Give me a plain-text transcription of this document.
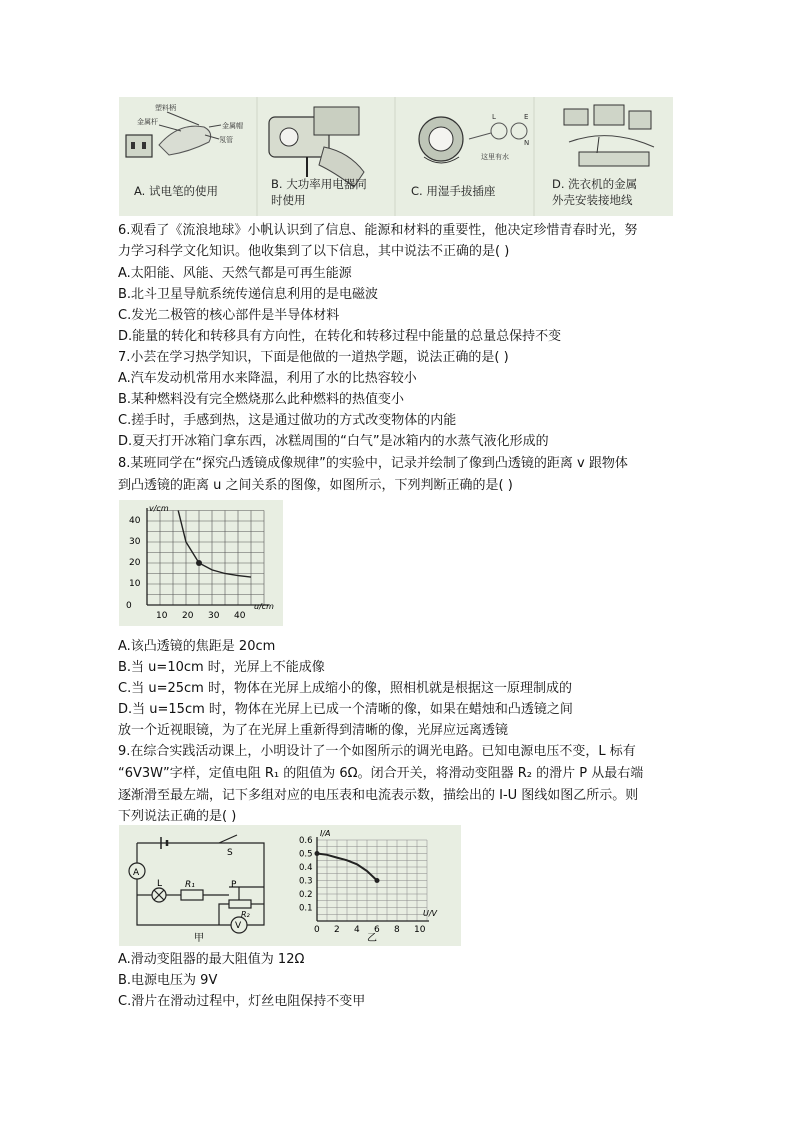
塑料柄
金属杆	金属帽
氖管
L	E
N
这里有水
A. 试电笔的使用	B. 大功率用电器同
时使用
C. 用湿手拔插座	D. 洗衣机的金属
外壳安装接地线
6.观看了《流浪地球》小帆认识到了信息、能源和材料的重要性，他决定珍惜青春时光，努
力学习科学文化知识。他收集到了以下信息，其中说法不正确的是( )
A.太阳能、风能、天然气都是可再生能源
B.北斗卫星导航系统传递信息利用的是电磁波
C.发光二极管的核心部件是半导体材料
D.能量的转化和转移具有方向性，在转化和转移过程中能量的总量总保持不变
7.小芸在学习热学知识，下面是他做的一道热学题，说法正确的是( )
A.汽车发动机常用水来降温，利用了水的比热容较小
B.某种燃料没有完全燃烧那么此种燃料的热值变小
C.搓手时，手感到热，这是通过做功的方式改变物体的内能
D.夏天打开冰箱门拿东西，冰糕周围的“白气”是冰箱内的水蒸气液化形成的
8.某班同学在“探究凸透镜成像规律”的实验中，记录并绘制了像到凸透镜的距离 v 跟物体
到凸透镜的距离 u 之间关系的图像，如图所示，下列判断正确的是( )
0
10 20 30 40
u/cm
10
20
30
40
v/cm
A.该凸透镜的焦距是 20cm
B.当 u=10cm 时，光屏上不能成像
C.当 u=25cm 时，物体在光屏上成缩小的像，照相机就是根据这一原理制成的
D.当 u=15cm 时，物体在光屏上已成一个清晰的像，如果在蜡烛和凸透镜之间
放一个近视眼镜，为了在光屏上重新得到清晰的像，光屏应远离透镜
9.在综合实践活动课上，小明设计了一个如图所示的调光电路。已知电源电压不变，L 标有
“6V3W”字样，定值电阻 R₁ 的阻值为 6Ω。闭合开关，将滑动变阻器 R₂ 的滑片 P 从最右端
逐渐滑至最左端，记下多组对应的电压表和电流表示数，描绘出的 I-U 图线如图乙所示。则
下列说法正确的是( )
A
L	R₁	P
R₂
S
V
甲
0 2 4 6 8 10
0.1
0.2
0.3
0.4
0.5
0.6
U/V
I/A
乙
A.滑动变阻器的最大阻值为 12Ω
B.电源电压为 9V
C.滑片在滑动过程中，灯丝电阻保持不变甲
